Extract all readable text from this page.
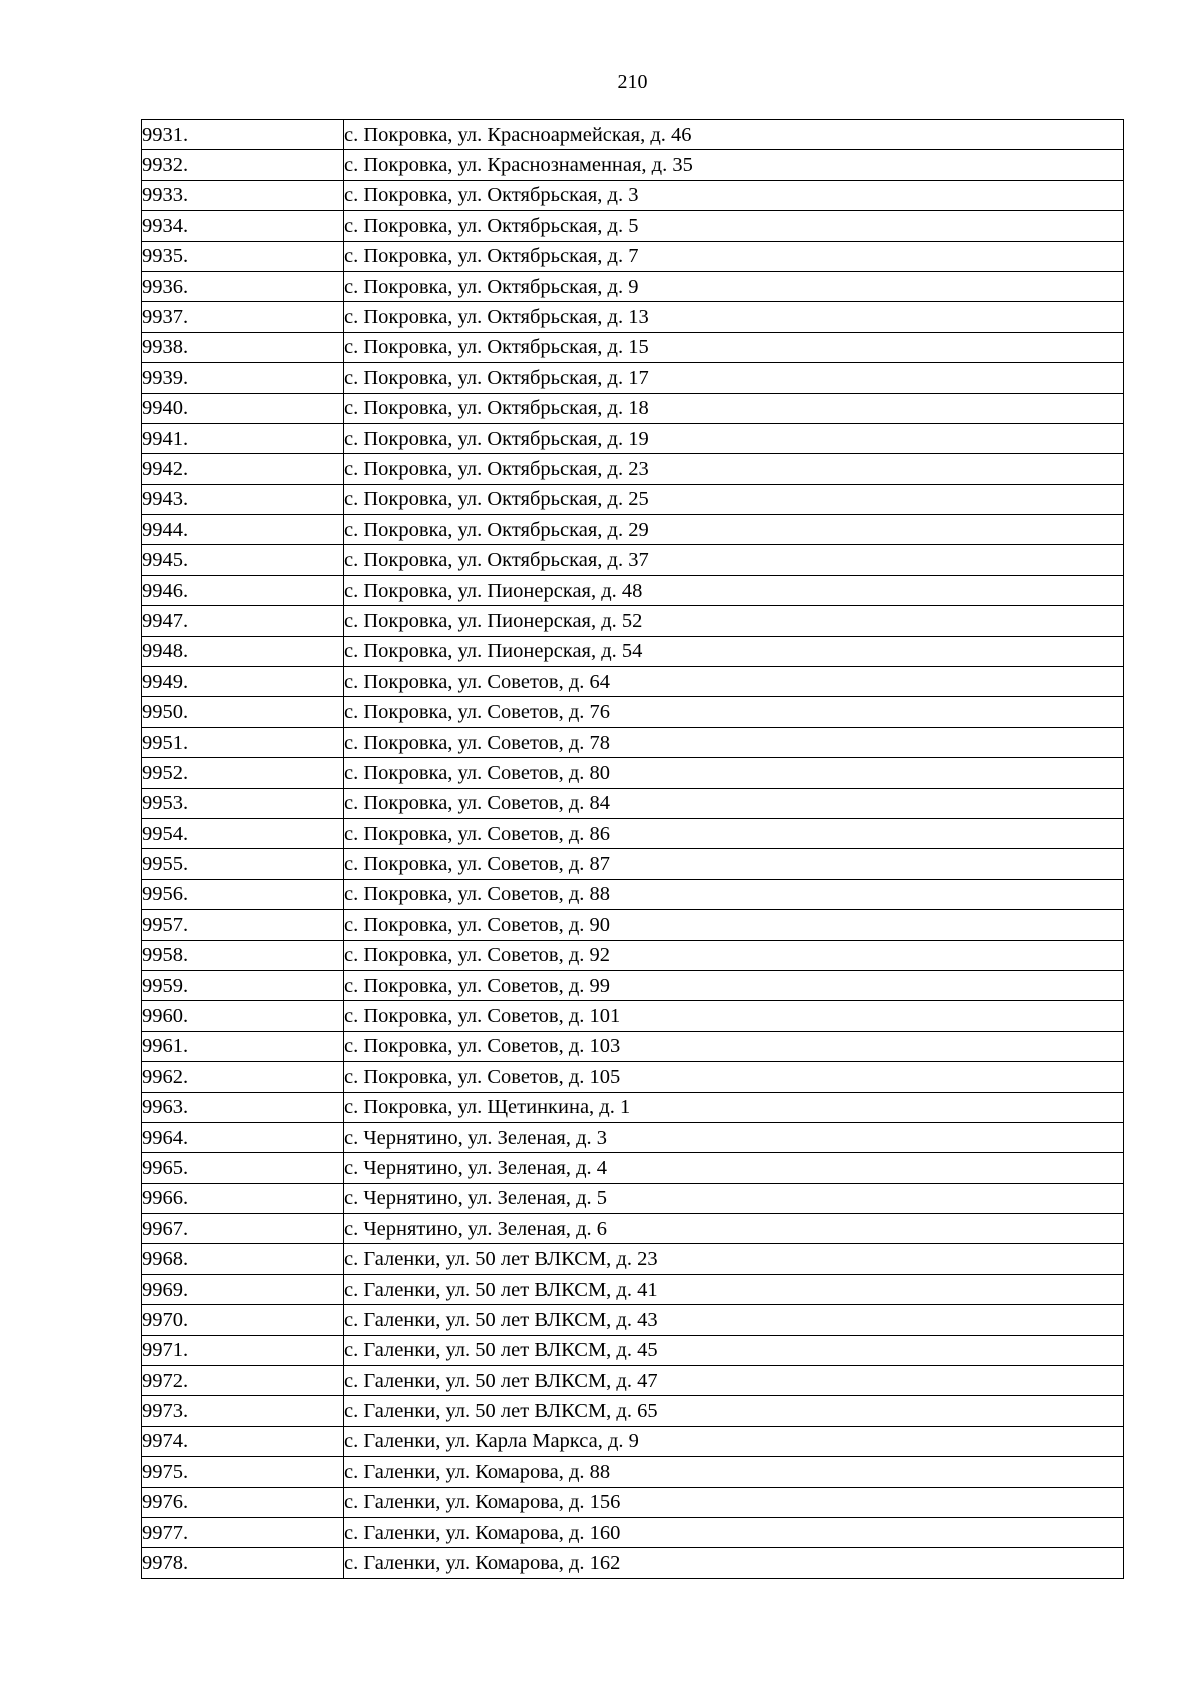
210
9931.	с. Покровка, ул. Красноармейская, д. 46
9932.	с. Покровка, ул. Краснознаменная, д. 35
9933.	с. Покровка, ул. Октябрьская, д. 3
9934.	с. Покровка, ул. Октябрьская, д. 5
9935.	с. Покровка, ул. Октябрьская, д. 7
9936.	с. Покровка, ул. Октябрьская, д. 9
9937.	с. Покровка, ул. Октябрьская, д. 13
9938.	с. Покровка, ул. Октябрьская, д. 15
9939.	с. Покровка, ул. Октябрьская, д. 17
9940.	с. Покровка, ул. Октябрьская, д. 18
9941.	с. Покровка, ул. Октябрьская, д. 19
9942.	с. Покровка, ул. Октябрьская, д. 23
9943.	с. Покровка, ул. Октябрьская, д. 25
9944.	с. Покровка, ул. Октябрьская, д. 29
9945.	с. Покровка, ул. Октябрьская, д. 37
9946.	с. Покровка, ул. Пионерская, д. 48
9947.	с. Покровка, ул. Пионерская, д. 52
9948.	с. Покровка, ул. Пионерская, д. 54
9949.	с. Покровка, ул. Советов, д. 64
9950.	с. Покровка, ул. Советов, д. 76
9951.	с. Покровка, ул. Советов, д. 78
9952.	с. Покровка, ул. Советов, д. 80
9953.	с. Покровка, ул. Советов, д. 84
9954.	с. Покровка, ул. Советов, д. 86
9955.	с. Покровка, ул. Советов, д. 87
9956.	с. Покровка, ул. Советов, д. 88
9957.	с. Покровка, ул. Советов, д. 90
9958.	с. Покровка, ул. Советов, д. 92
9959.	с. Покровка, ул. Советов, д. 99
9960.	с. Покровка, ул. Советов, д. 101
9961.	с. Покровка, ул. Советов, д. 103
9962.	с. Покровка, ул. Советов, д. 105
9963.	с. Покровка, ул. Щетинкина, д. 1
9964.	с. Чернятино, ул. Зеленая, д. 3
9965.	с. Чернятино, ул. Зеленая, д. 4
9966.	с. Чернятино, ул. Зеленая, д. 5
9967.	с. Чернятино, ул. Зеленая, д. 6
9968.	с. Галенки, ул. 50 лет ВЛКСМ, д. 23
9969.	с. Галенки, ул. 50 лет ВЛКСМ, д. 41
9970.	с. Галенки, ул. 50 лет ВЛКСМ, д. 43
9971.	с. Галенки, ул. 50 лет ВЛКСМ, д. 45
9972.	с. Галенки, ул. 50 лет ВЛКСМ, д. 47
9973.	с. Галенки, ул. 50 лет ВЛКСМ, д. 65
9974.	с. Галенки, ул. Карла Маркса, д. 9
9975.	с. Галенки, ул. Комарова, д. 88
9976.	с. Галенки, ул. Комарова, д. 156
9977.	с. Галенки, ул. Комарова, д. 160
9978.	с. Галенки, ул. Комарова, д. 162
